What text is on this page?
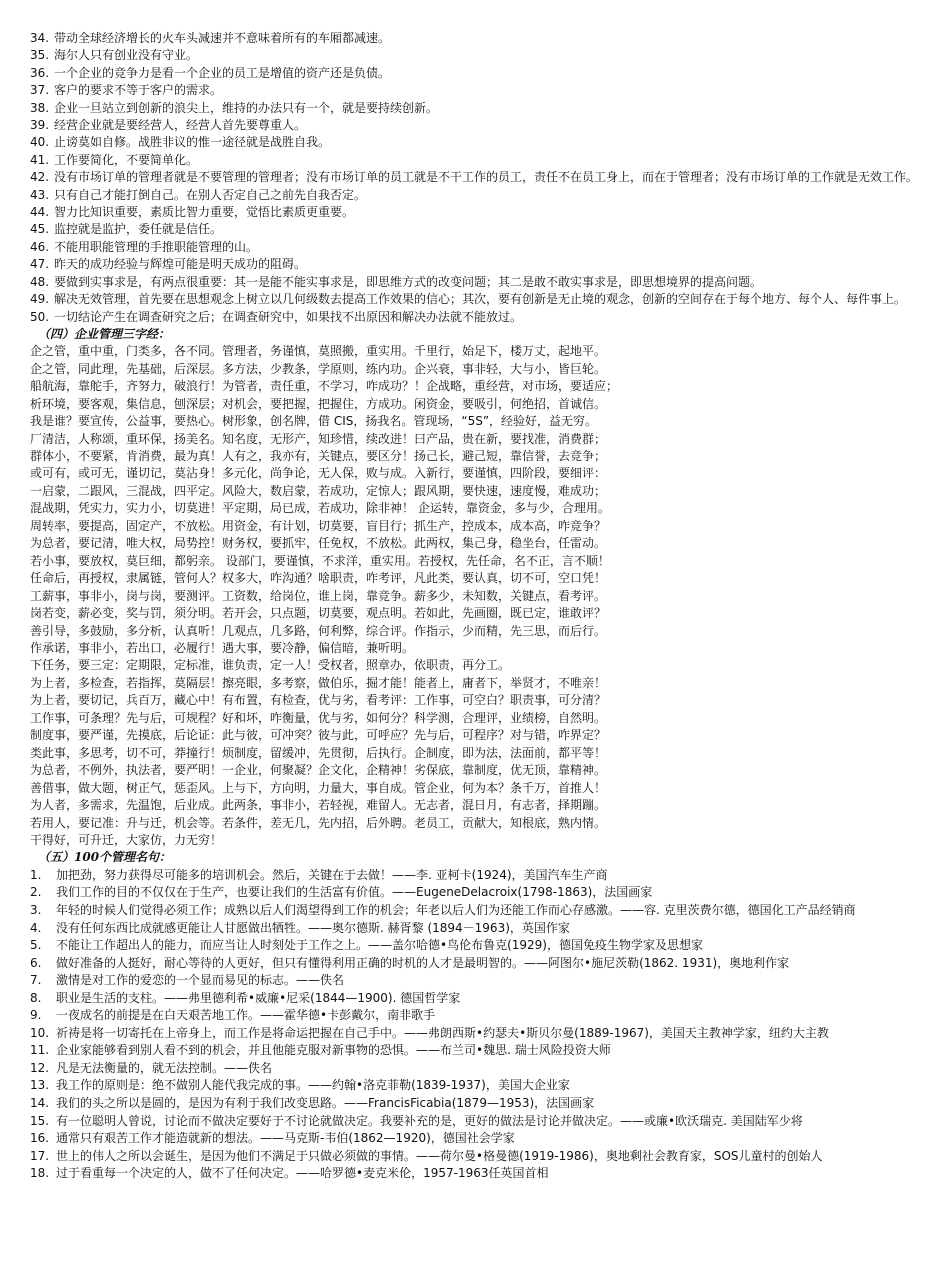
34. 带动全球经济增长的火车头减速并不意味着所有的车厢都减速。
35. 海尔人只有创业没有守业。
36. 一个企业的竞争力是看一个企业的员工是增值的资产还是负债。
37. 客户的要求不等于客户的需求。
38. 企业一旦站立到创新的浪尖上，维持的办法只有一个，就是要持续创新。
39. 经营企业就是要经营人，经营人首先要尊重人。
40. 止谤莫如自修。战胜非议的惟一途径就是战胜自我。
41. 工作要简化，不要简单化。
42. 没有市场订单的管理者就是不要管理的管理者；没有市场订单的员工就是不干工作的员工，责任不在员工身上，而在于管理者；没有市场订单的工作就是无效工作。
43. 只有自己才能打倒自己。在别人否定自己之前先自我否定。
44. 智力比知识重要，素质比智力重要，觉悟比素质更重要。
45. 监控就是监护，委任就是信任。
46. 不能用职能管理的手推职能管理的山。
47. 昨天的成功经验与辉煌可能是明天成功的阻碍。
48. 要做到实事求是，有两点很重要：其一是能不能实事求是，即思维方式的改变问题；其二是敢不敢实事求是，即思想境界的提高问题。
49. 解决无效管理，首先要在思想观念上树立以几何级数去提高工作效果的信心；其次，要有创新是无止境的观念，创新的空间存在于每个地方、每个人、每件事上。
50. 一切结论产生在调查研究之后；在调查研究中，如果找不出原因和解决办法就不能放过。
（四）企业管理三字经：
企之管，重中重，门类多，各不同。管理者，务谨慎，莫照搬，重实用。千里行，始足下，楼万丈，起地平。
企之管，同此理，先基础，后深层。多方法，少教条，学原则，练内功。企兴衰，事非轻，大与小，皆巨轮。
船航海，靠舵手，齐努力，破浪行！为管者，责任重，不学习，咋成功？！企战略，重经营，对市场，要适应；
析环境，要客观，集信息，刨深层；对机会，要把握，把握住，方成功。闲资金，要吸引，何绝招，首诚信。
我是谁？要宣传，公益事，要热心。树形象，创名牌，借 CIS，扬我名。管现场，“5S”，经验好，益无穷。
厂清洁，人称颂，重环保，扬美名。知名度，无形产，知珍惜，续改进！曰产品，贵在新，要找准，消费群；
群体小，不要紧，肯消费，最为真！人有之，我亦有，关键点，要区分！扬己长，避己短，靠信誉，去竞争；
或可有，或可无，谨切记，莫沾身！多元化，尚争论，无人保，败与成。入新行，要谨慎，四阶段，要细评：
一启蒙，二跟风，三混战，四平定。风险大，数启蒙，若成功，定惊人；跟风期，要快速，速度慢，难成功；
混战期，凭实力，实力小，切莫进！平定期，局已成，若成功，除非神！ 企运转，靠资金，多与少，合理用。
周转率，要提高，固定产，不放松。用资金，有计划，切莫要，盲目行；抓生产，控成本，成本高，咋竞争？
为总者，要记清，唯大权，局势控！财务权，要抓牢，任免权，不放松。此两权，集己身，稳坐台，任雷动。
若小事，要放权，莫巨细，都躬亲。 设部门，要谨慎，不求洋，重实用。若授权，先任命，名不正，言不顺！
任命后，再授权，隶属链，管何人？权多大，咋沟通？啥职责，咋考评，凡此类，要认真，切不可，空口凭！
工薪事，事非小，岗与岗，要测评。工资数，给岗位，谁上岗，靠竞争。薪多少，未知数，关键点，看考评。
岗若变，薪必变，奖与罚，须分明。若开会，只点题，切莫要，观点明。若如此，先画圈，既已定，谁敢评？
善引导，多鼓励，多分析，认真听！几观点，几多路，何利弊，综合评。作指示，少而精，先三思，而后行。
作承诺，事非小，若出口，必履行！遇大事，要冷静，偏信暗，兼听明。
下任务，要三定：定期限，定标准，谁负责，定一人！受权者，照章办，依职责，再分工。
为上者，多检查，若指挥，莫隔层！擦亮眼，多考察，做伯乐，掘才能！能者上，庸者下，举贤才，不唯亲！
为上者，要切记，兵百万，藏心中！有布置，有检查，优与劣，看考评：工作事，可空白？职责事，可分清？
工作事，可条理？先与后，可规程？好和坏，咋衡量，优与劣，如何分？科学测，合理评，业绩榜，自然明。
制度事，要严谨，先摸底，后论证：此与彼，可冲突？彼与此，可呼应？先与后，可程序？对与错，咋界定？
类此事，多思考，切不可，莽撞行！烦制度，留缓冲，先贯彻，后执行。企制度，即为法，法面前，都平等！
为总者，不例外，执法者，要严明！一企业，何聚凝？企文化，企精神！劣保底，靠制度，优无顶，靠精神。
善借事，做大题，树正气，惩歪风。上与下，方向明，力量大，事自成。管企业，何为本？条千万，首推人！
为人者，多需求，先温饱，后业成。此两条，事非小，若轻视，难留人。无志者，混日月，有志者，择期蹦。
若用人，要记准：升与迁，机会等。若条件，差无几，先内招，后外聘。老员工，贡献大，知根底，熟内情。
干得好，可升迁，大家仿，力无穷！
（五）100个管理名句：
1.	加把劲，努力获得尽可能多的培训机会。然后，关键在于去做！——李. 亚柯卡(1924)，美国汽车生产商
2.	我们工作的目的不仅仅在于生产，也要让我们的生活富有价值。——EugeneDelacroix(1798-1863)，法国画家
3.	年轻的时候人们觉得必须工作；成熟以后人们渴望得到工作的机会；年老以后人们为还能工作而心存感激。——容. 克里茨费尔德，德国化工产品经销商
4.	没有任何东西比成就感更能让人甘愿做出牺牲。——奥尔德斯. 赫胥黎 (1894－1963)，英国作家
5.	不能让工作超出人的能力，而应当让人时刻处于工作之上。——盖尔哈德•鸟伦布鲁克(1929)，德国免疫生物学家及思想家
6.	做好准备的人挺好，耐心等待的人更好，但只有懂得利用正确的时机的人才是最明智的。——阿图尔•施尼茨勒(1862. 1931)，奥地利作家
7.	激情是对工作的爱恋的一个显而易见的标志。——佚名
8.	职业是生活的支柱。——弗里德利希•威廉•尼采(1844—1900). 德国哲学家
9.	一夜成名的前提是在白天艰苦地工作。——霍华德•卡彭戴尔，南非歌手
10. 祈祷是将一切寄托在上帝身上，而工作是将命运把握在自己手中。——弗朗西斯•约瑟夫•斯贝尔曼(1889-1967)，美国天主教神学家，纽约大主教
11. 企业家能够看到别人看不到的机会，并且他能克服对新事物的恐惧。——布兰司•魏思. 瑞士风险投资大师
12. 凡是无法衡量的，就无法控制。——佚名
13. 我工作的原则是：绝不做别人能代我完成的事。——约翰•洛克菲勒(1839-1937)，美国大企业家
14. 我们的头之所以是圆的，是因为有利于我们改变思路。——FrancisFicabia(1879—1953)，法国画家
15. 有一位聪明人曾说，讨论而不做决定要好于不讨论就做决定。我要补充的是，更好的做法是讨论并做决定。——或廉•欧沃瑞克. 美国陆军少将
16. 通常只有艰苦工作才能造就新的想法。——马克斯-韦伯(1862—1920)，德国社会学家
17. 世上的伟人之所以会诞生，是因为他们不满足于只做必须做的事情。——荷尔曼•格曼德(1919-1986)，奥地剩社会教育家，SOS儿童村的创始人
18. 过于看重每一个决定的人，做不了任何决定。——哈罗德•麦克米伦，1957-1963任英国首相
